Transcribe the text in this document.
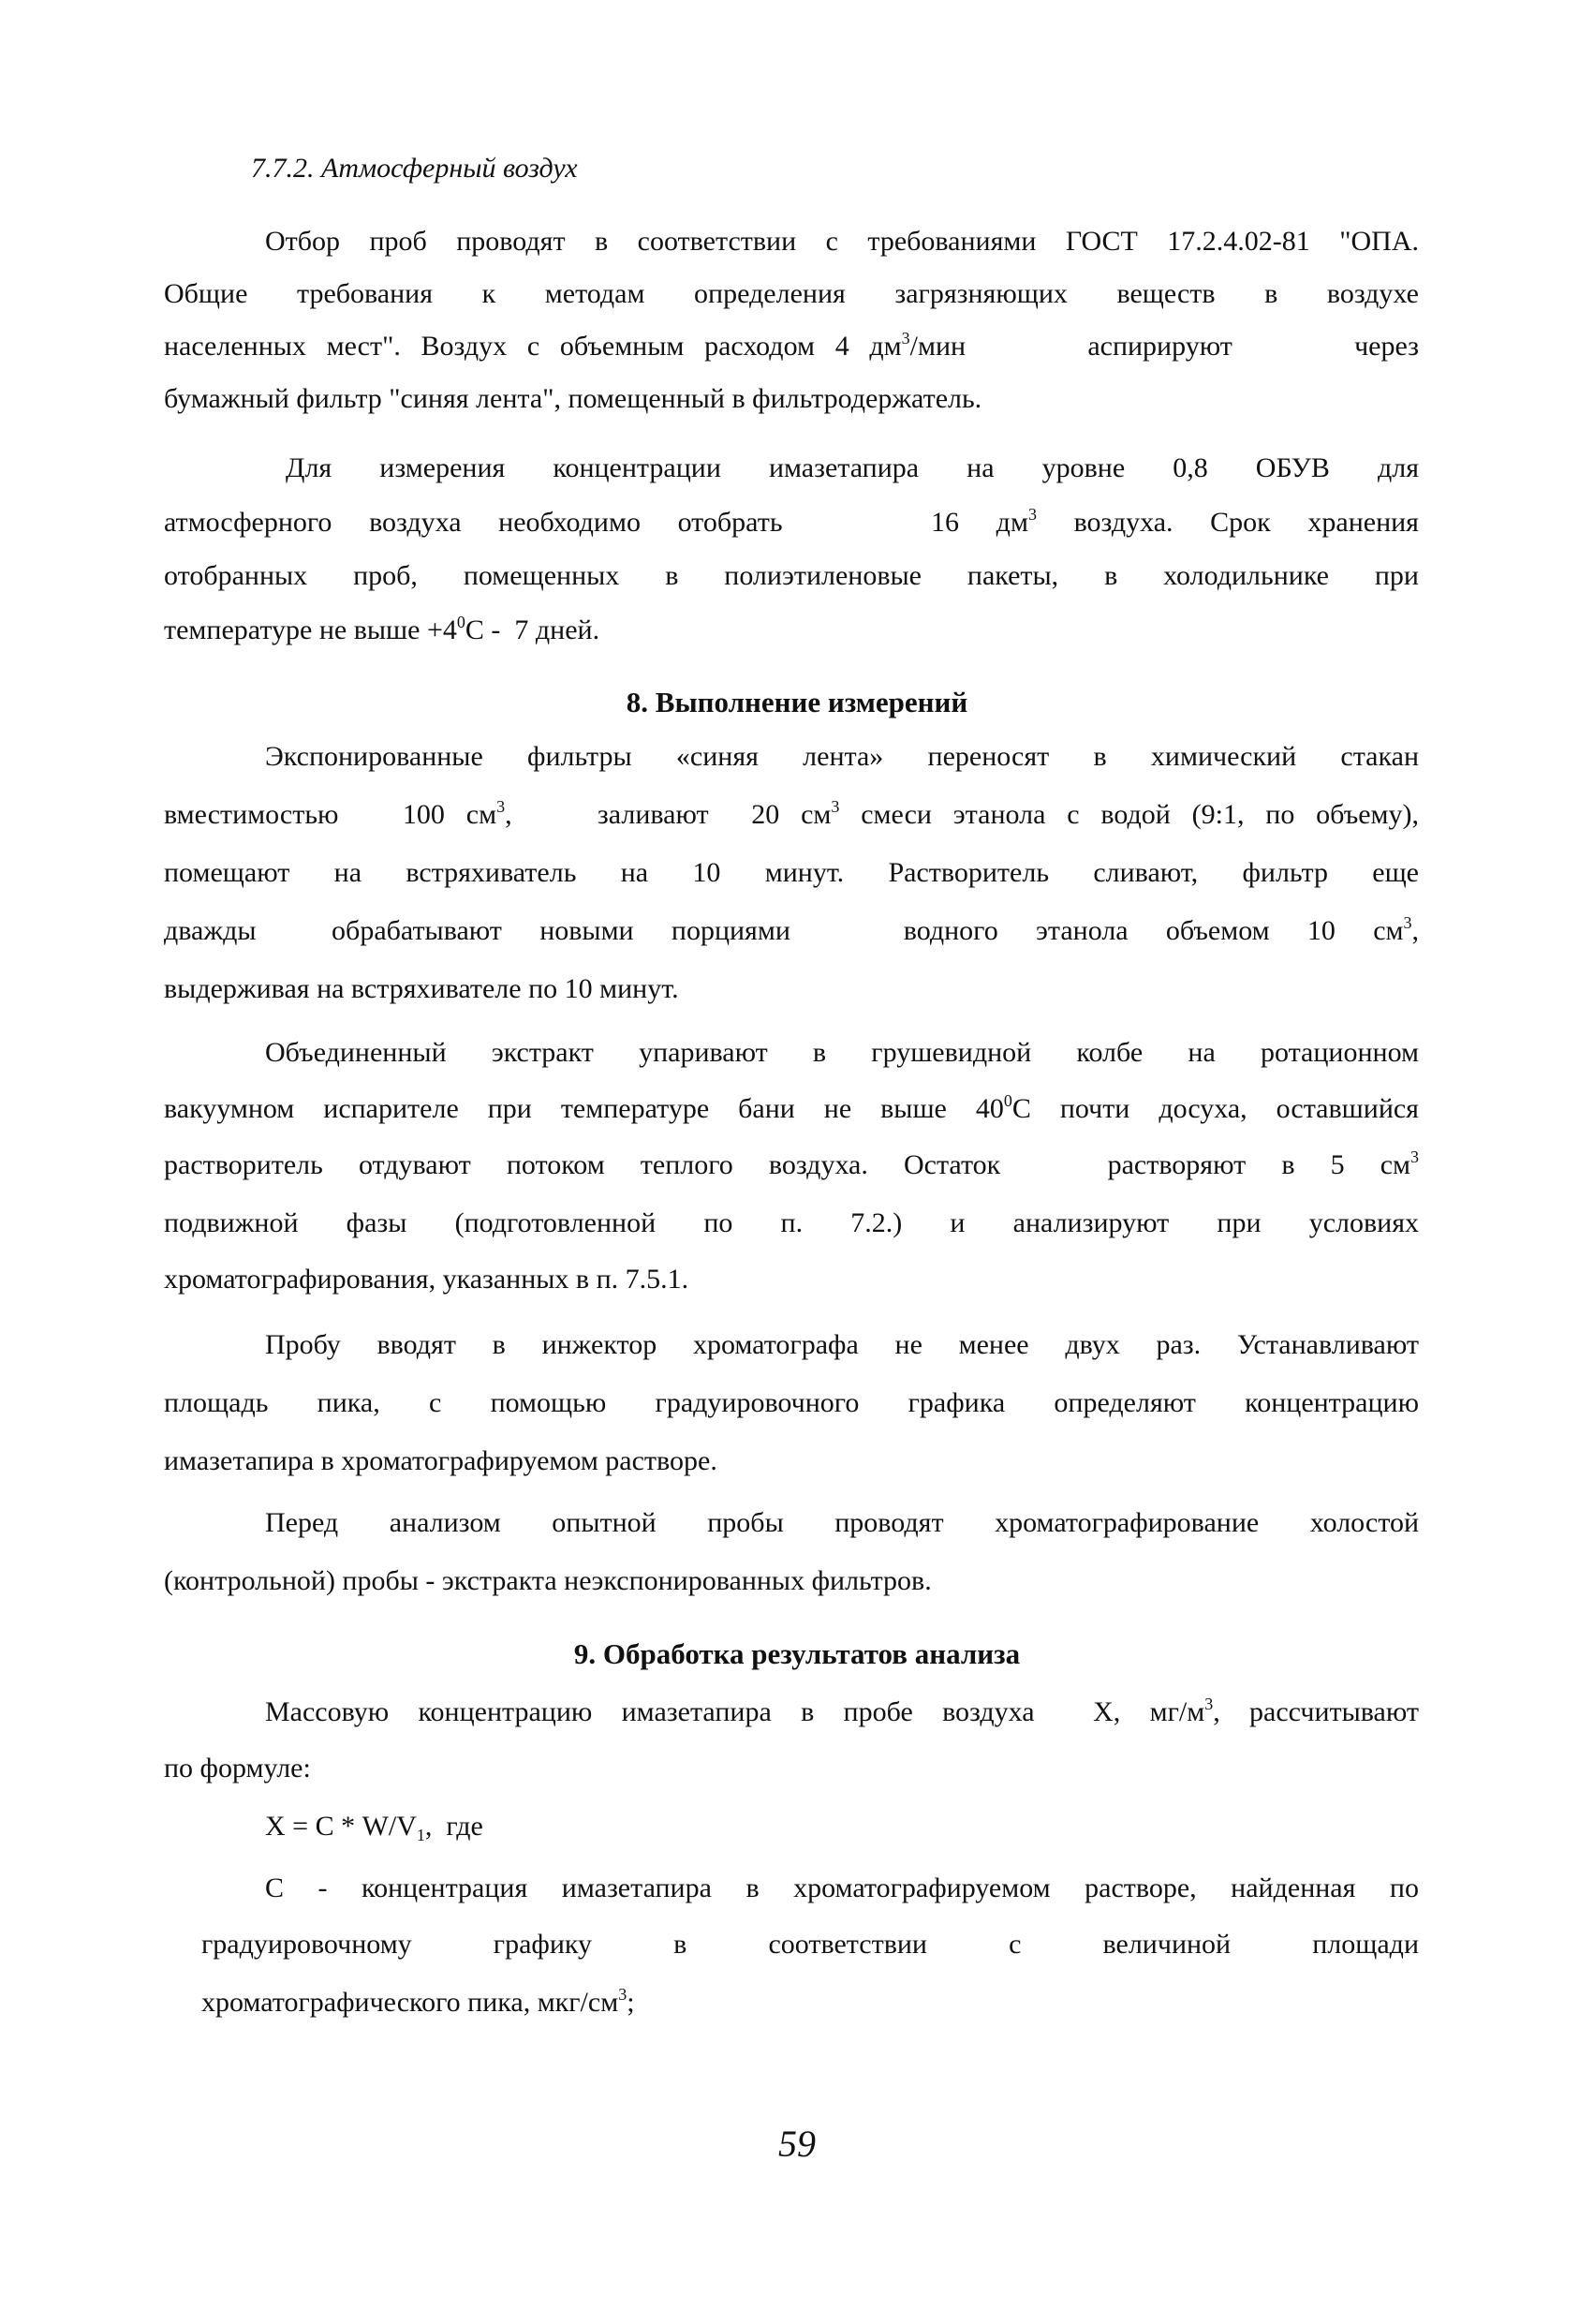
7.7.2. Атмосферный воздух
Отбор проб проводят в соответствии с требованиями ГОСТ 17.2.4.02-81 "ОПА.
Общие требования к методам определения загрязняющих веществ в воздухе
населенных мест". Воздух с объемным расходом 4 $дм^3$/мин      аспирируют      через
бумажный фильтр "синяя лента", помещенный в фильтродержатель.
Для измерения концентрации имазетапира на уровне 0,8 ОБУВ для
атмосферного воздуха необходимо отобрать    16 $дм^3$ воздуха. Срок хранения
отобранных проб, помещенных в полиэтиленовые пакеты, в холодильнике при
температуре не выше $+4^0С - 7$ дней.
8. Выполнение измерений
Экспонированные фильтры «синяя лента» переносят в химический стакан
вместимостью   100 $см^3$,    заливают  20 $см^3$ смеси этанола с водой (9:1, по объему),
помещают на встряхиватель на 10 минут. Растворитель сливают, фильтр еще
дважды  обрабатывают новыми порциями   водного этанола объемом 10 $см^3$,
выдерживая на встряхивателе по 10 минут.
Объединенный экстракт упаривают в грушевидной колбе на ротационном
вакуумном испарителе при температуре бани не выше $40^0С$ почти досуха, оставшийся
растворитель отдувают потоком теплого воздуха. Остаток   растворяют в 5 $см^3$
подвижной фазы (подготовленной по п. 7.2.) и анализируют при условиях
хроматографирования, указанных в п. 7.5.1.
Пробу вводят в инжектор хроматографа не менее двух раз. Устанавливают
площадь пика, с помощью градуировочного графика определяют концентрацию
имазетапира в хроматографируемом растворе.
Перед анализом опытной пробы проводят хроматографирование холостой
(контрольной) пробы - экстракта неэкспонированных фильтров.
9. Обработка результатов анализа
Массовую концентрацию имазетапира в пробе воздуха  Х, $мг/м^3$, рассчитывают
по формуле:
$Х = С * W/V_1$,  где
С - концентрация имазетапира в хроматографируемом растворе, найденная по
градуировочному графику в соответствии с величиной площади
хроматографического пика, мкг/$см^3$;
59
